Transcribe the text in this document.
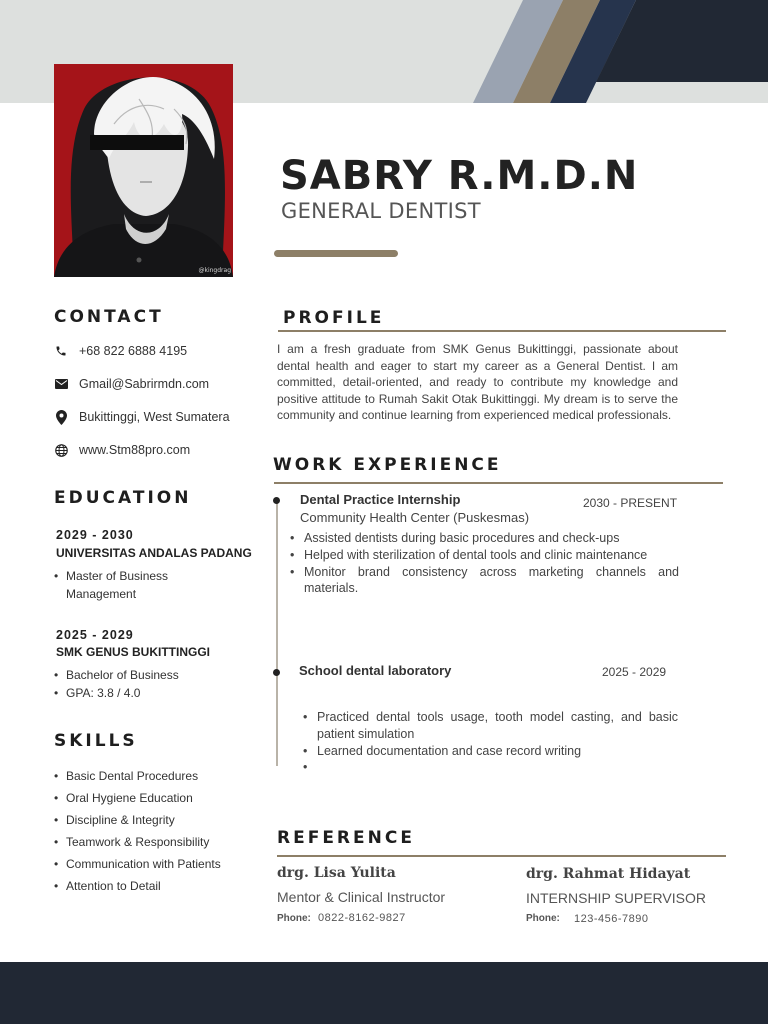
@kingdrag
SABRY R.M.D.N
GENERAL DENTIST
CONTACT
+68 822 6888 4195
Gmail@Sabrirmdn.com
Bukittinggi, West Sumatera
www.Stm88pro.com
EDUCATION
2029 - 2030
UNIVERSITAS ANDALAS PADANG
• Master of Business Management
2025 - 2029
SMK GENUS BUKITTINGGI
• Bachelor of Business
• GPA: 3.8 / 4.0
SKILLS
• Basic Dental Procedures
• Oral Hygiene Education
• Discipline & Integrity
• Teamwork & Responsibility
• Communication with Patients
• Attention to Detail
PROFILE

I am a fresh graduate from SMK Genus Bukittinggi, passionate about dental health and eager to start my career as a General Dentist. I am committed, detail-oriented, and ready to contribute my knowledge and positive attitude to Rumah Sakit Otak Bukittinggi. My dream is to serve the community and continue learning from experienced medical professionals.

WORK EXPERIENCE
Dental Practice Internship	2030 - PRESENT
Community Health Center (Puskesmas)
• Assisted dentists during basic procedures and check-ups
• Helped with sterilization of dental tools and clinic maintenance
• Monitor brand consistency across marketing channels and materials.
School dental laboratory	2025 - 2029
• Practiced dental tools usage, tooth model casting, and basic patient simulation
• Learned documentation and case record writing
REFERENCE
drg. Lisa Yulita
Mentor & Clinical Instructor
Phone: 0822-8162-9827
drg. Rahmat Hidayat
INTERNSHIP SUPERVISOR
Phone: 123-456-7890
